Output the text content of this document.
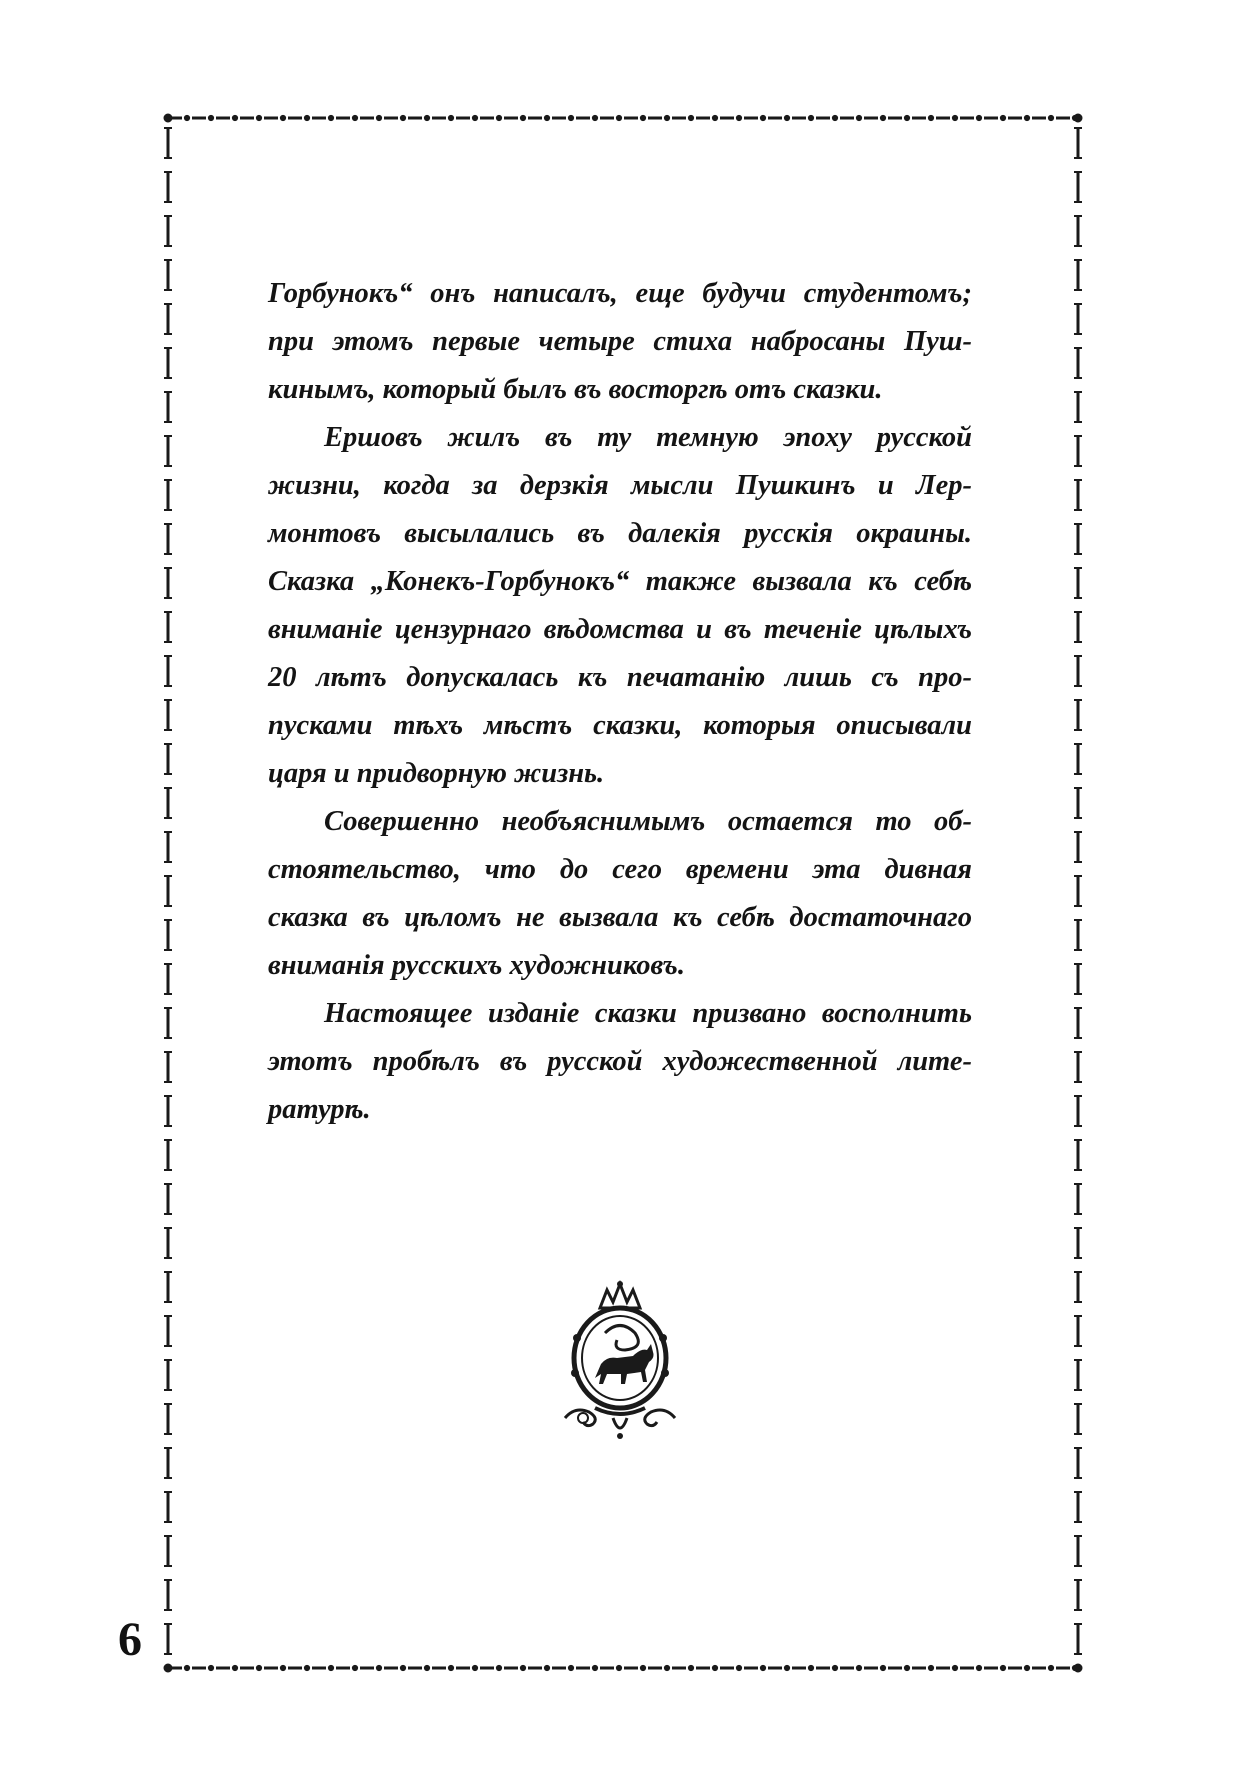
Горбунокъ“ онъ написалъ, еще будучи студентомъ;
при этомъ первые четыре стиха набросаны Пуш-
кинымъ, который былъ въ восторгѣ отъ сказки.
Ершовъ жилъ въ ту темную эпоху русской
жизни, когда за дерзкія мысли Пушкинъ и Лер-
монтовъ высылались въ далекія русскія окраины.
Сказка „Конекъ-Горбунокъ“ также вызвала къ себѣ
вниманіе цензурнаго вѣдомства и въ теченіе цѣлыхъ
20 лѣтъ допускалась къ печатанію лишь съ про-
пусками тѣхъ мѣстъ сказки, которыя описывали
царя и придворную жизнь.
Совершенно необъяснимымъ остается то об-
стоятельство, что до сего времени эта дивная
сказка въ цѣломъ не вызвала къ себѣ достаточнаго
вниманія русскихъ художниковъ.
Настоящее изданіе сказки призвано восполнить
этотъ пробѣлъ въ русской художественной лите-
ратурѣ.
6
